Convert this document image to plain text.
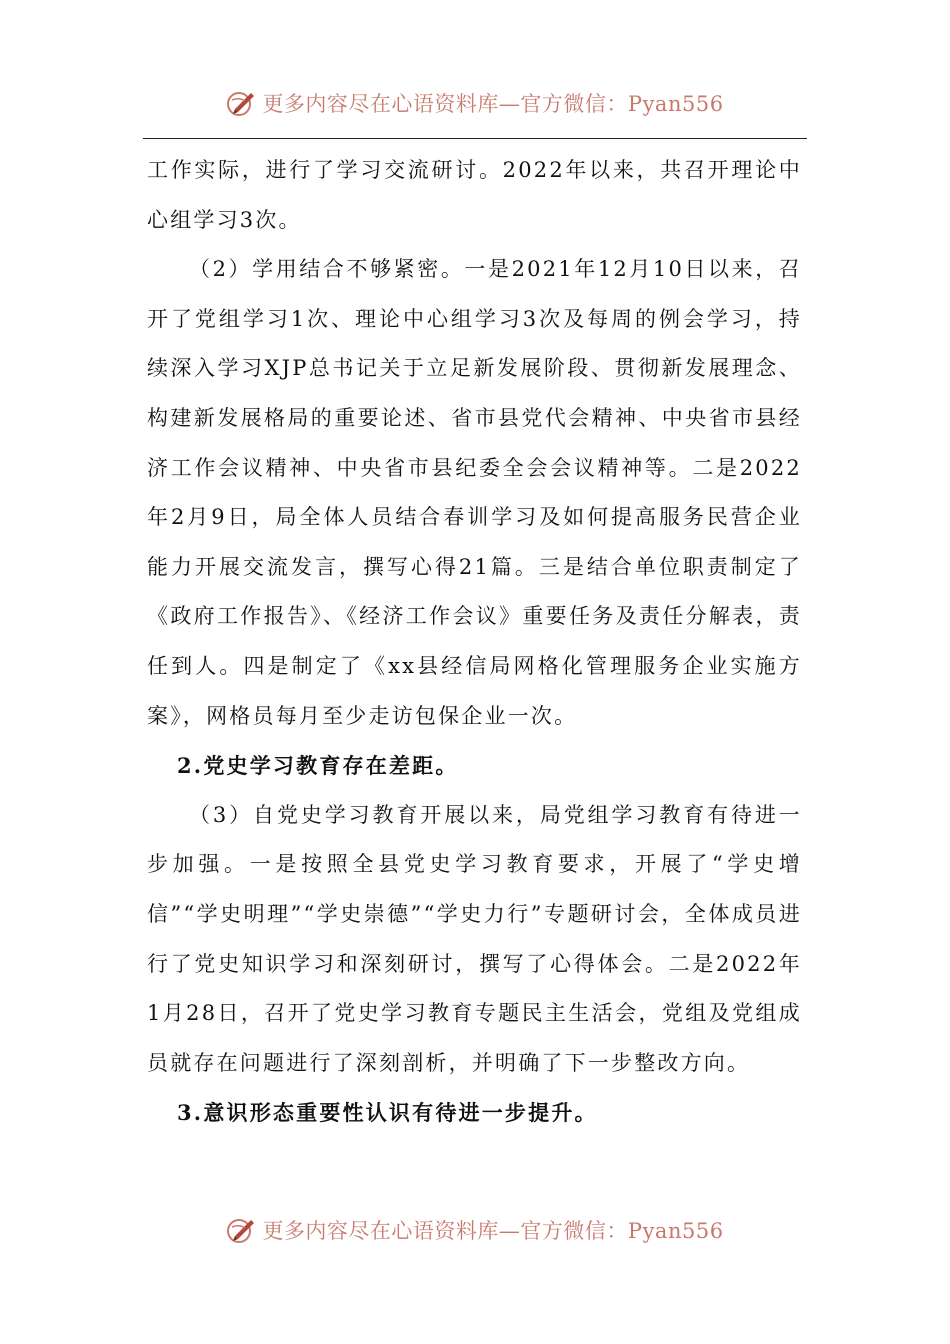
更多内容尽在心语资料库—官方微信：Pyan556

工作实际，进行了学习交流研讨。2022年以来，共召开理论中心组学习3次。

（2）学用结合不够紧密。一是2021年12月10日以来，召开了党组学习1次、理论中心组学习3次及每周的例会学习，持续深入学习XJP总书记关于立足新发展阶段、贯彻新发展理念、构建新发展格局的重要论述、省市县党代会精神、中央省市县经济工作会议精神、中央省市县纪委全会会议精神等。二是2022年2月9日，局全体人员结合春训学习及如何提高服务民营企业能力开展交流发言，撰写心得21篇。三是结合单位职责制定了《政府工作报告》、《经济工作会议》重要任务及责任分解表，责任到人。四是制定了《xx县经信局网格化管理服务企业实施方案》，网格员每月至少走访包保企业一次。

2.党史学习教育存在差距。

（3）自党史学习教育开展以来，局党组学习教育有待进一步加强。一是按照全县党史学习教育要求，开展了“学史增信”“学史明理”“学史崇德”“学史力行”专题研讨会，全体成员进行了党史知识学习和深刻研讨，撰写了心得体会。二是2022年1月28日，召开了党史学习教育专题民主生活会，党组及党组成员就存在问题进行了深刻剖析，并明确了下一步整改方向。

3.意识形态重要性认识有待进一步提升。

更多内容尽在心语资料库—官方微信：Pyan556
